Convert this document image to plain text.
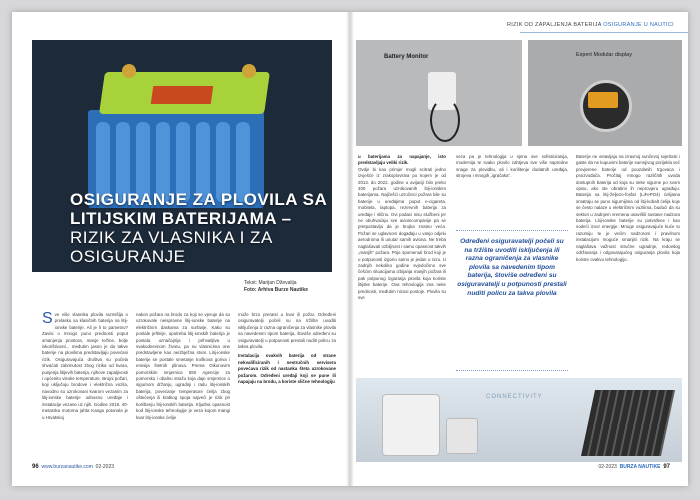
OSIGURANJE ZA PLOVILA SA LITIJSKIM BATERIJAMA –
RIZIK ZA VLASNIKA I ZA OSIGURANJE
Tekst: Marijan Dževalija
Foto: Arhiva Burze Nautike
Sve više vlasnika plovila razmišlja o prelasku sa klasičnih baterija na litij-ionske baterije. Ali je li to pametno? Zavisi o mnogo puno prednosti poput smanjenja prostora, manje težine, bolje iskorištivosti... međutim jasno je da takve baterije na plovilima predstavljaju povećani rizik. Osiguravajuća društva su počela shvaćati zabrinutost zbog rizika od kvara, punjenja litijevih baterija, njihove zapaljivosti i općenito visoke temperature. Brojni požari, koji uključuju brodove i električna vozila, navodno su uzrokovani kvarom vezanim za litij-ionske baterije odnosno uređaje i instalacije vezane uz njih. Godine 2018. 40-metarska motorna jahta Kanga potonula je u Hrvatskoj
nakon požara na brodu za koji se vjeruje da su uzrokovale neispravne litij-ionske baterije na električnim daskama za surfanje. Kako su postale jeftinije, upotreba litij-ionskih baterija je postala uznačajnija i prihvatljiva u svakodnevnom životu, pa su vlasnicima one predstavljene kao neizbježna stvar. Litij-ionske baterije se postale smetanje troškova goriva i emisija štetnih plinova. Prema Oikonovim pomorskim smjernica 550 Agencije za pomorsku i obalnu stražu koja daje smjernice o sigurnom držanju, ugradnji i radu litij-ionskih baterija, povećanje temperature ćelija zbog oštećenja ili kratkog spoja najveći je rizik pri korištenju litij-ionskih baterija. Kljuđna opasnost kod litij-ionske tehnologije je veza kojom mangi kvar litij-ionske ćelije
može brzo preratsi u kvar ili požar. Određeni osiguravatelji počeli su na tržište uvoditi isključenja iz razna ograničenja za vlasnike plovila sa navedenim tipom baterija, štoviše određeni su osiguravatelji u potpunosti prestali nuditi policu za takva plovila.
Instalacija ovakvih baterija od strane nekvalificiranih i nestručnih servisera povećava rizik od nastanka šteta uzrokovane požarom. Određeni uređaji koji se pune ili napajaju na brodu, a koriste slične tehnologiju
96 www.burzanautike.com 02-2023
RIZIK OD ZAPALJENJA BATERIJA OSIGURANJE U NAUTICI
Battery Monitor	Expert Modular display
u baterijama za napajanje, isto predstavljaju veliki rizik.
Ovdje bi kao primjer mogli scitrati jedno izvješće iz zrakoplovstva po kojem je od 2013. do 2022. godine u avijaciji bilo preko 400 požara uzrokovanih litij-ionskim baterijama. Najčešći uzročnici požara bile su baterije u uređajima poput e-cigareta, mobitela, laptopa, rezervnih baterija za uređaje i slično. Ovi podaci nisu službeni jer ne obuhvaćaju sve avioincompanije pa se pretpostavlja da je brojka znatno veća. Požari se uglavnom događaju u vanjo odjelu aerodroma ili unutar samih aviona. Ne treba naglašavati ozbiljnost i samu opasnost takvih „manjih“ požara. Prije spomenuti brod koji je u potpunosti izgorio samo je jedan u nizu. U zadnjih nekoliko godine svjedočimo sve češćim situacijama izbijanja manjih požara ili pak potpunog izgaranja plovila koja koriste litijske baterije. Ova tehnologija ima neke prednosti, međutim nizosi postoje. Plovila su sve
veća pa je tehnologija u njima sve sofisticiranija, modernija te svako plovilo zahtjeva sve više napredne snage za plovidbu, ali i korištenje dodatnih uređaja, strojeva i mnogih „igračaka“.
Određeni osiguravatelji počeli su na tržište uvoditi isključenja ili razna ograničenja za vlasnike plovila sa navedenim tipom baterija, štoviše određeni su osiguravatelji u potpunosti prestali nuditi policu za takva plovila
Baterije ne ostavljaju na izravnoj sunčevoj svjetlosti i gaste da ne kupuvimi baterije sumnjivog porijekla već provjerene baterije od pouzdanih trgovaca i proizvođača. Pročitaj mnogo različitih uvoda dostupnih baterija od koja su neke sigurne po svom opisu, ako ste obratimi ih neprovjeru ugrađuju. Baterija sa litij-željezo-fosfat (LiFePO4) ćelijama smatraju se puno sigurnijima od litij-kobalt ćelija koje se često nalaze u električnim vozilima, budući da su sektori u zadnjem vremena usavršili sustave nadzora baterija. Litij-ionske baterije su potvrđene i kao vodeći izvor energije. Mnoge osiguravajuće kuće to razumiju te je većim nadzorom i pravilnom instalacijom moguće smanjiti rizik. Na kraju se naglašava važnost stručne ugradnje, redovitog održavanja i odgovarajućeg osiguranja plovila koja koriste ovakvu tehnologiju.
CONNECTIVITY
02-2023 BURZA NAUTIKE 97
